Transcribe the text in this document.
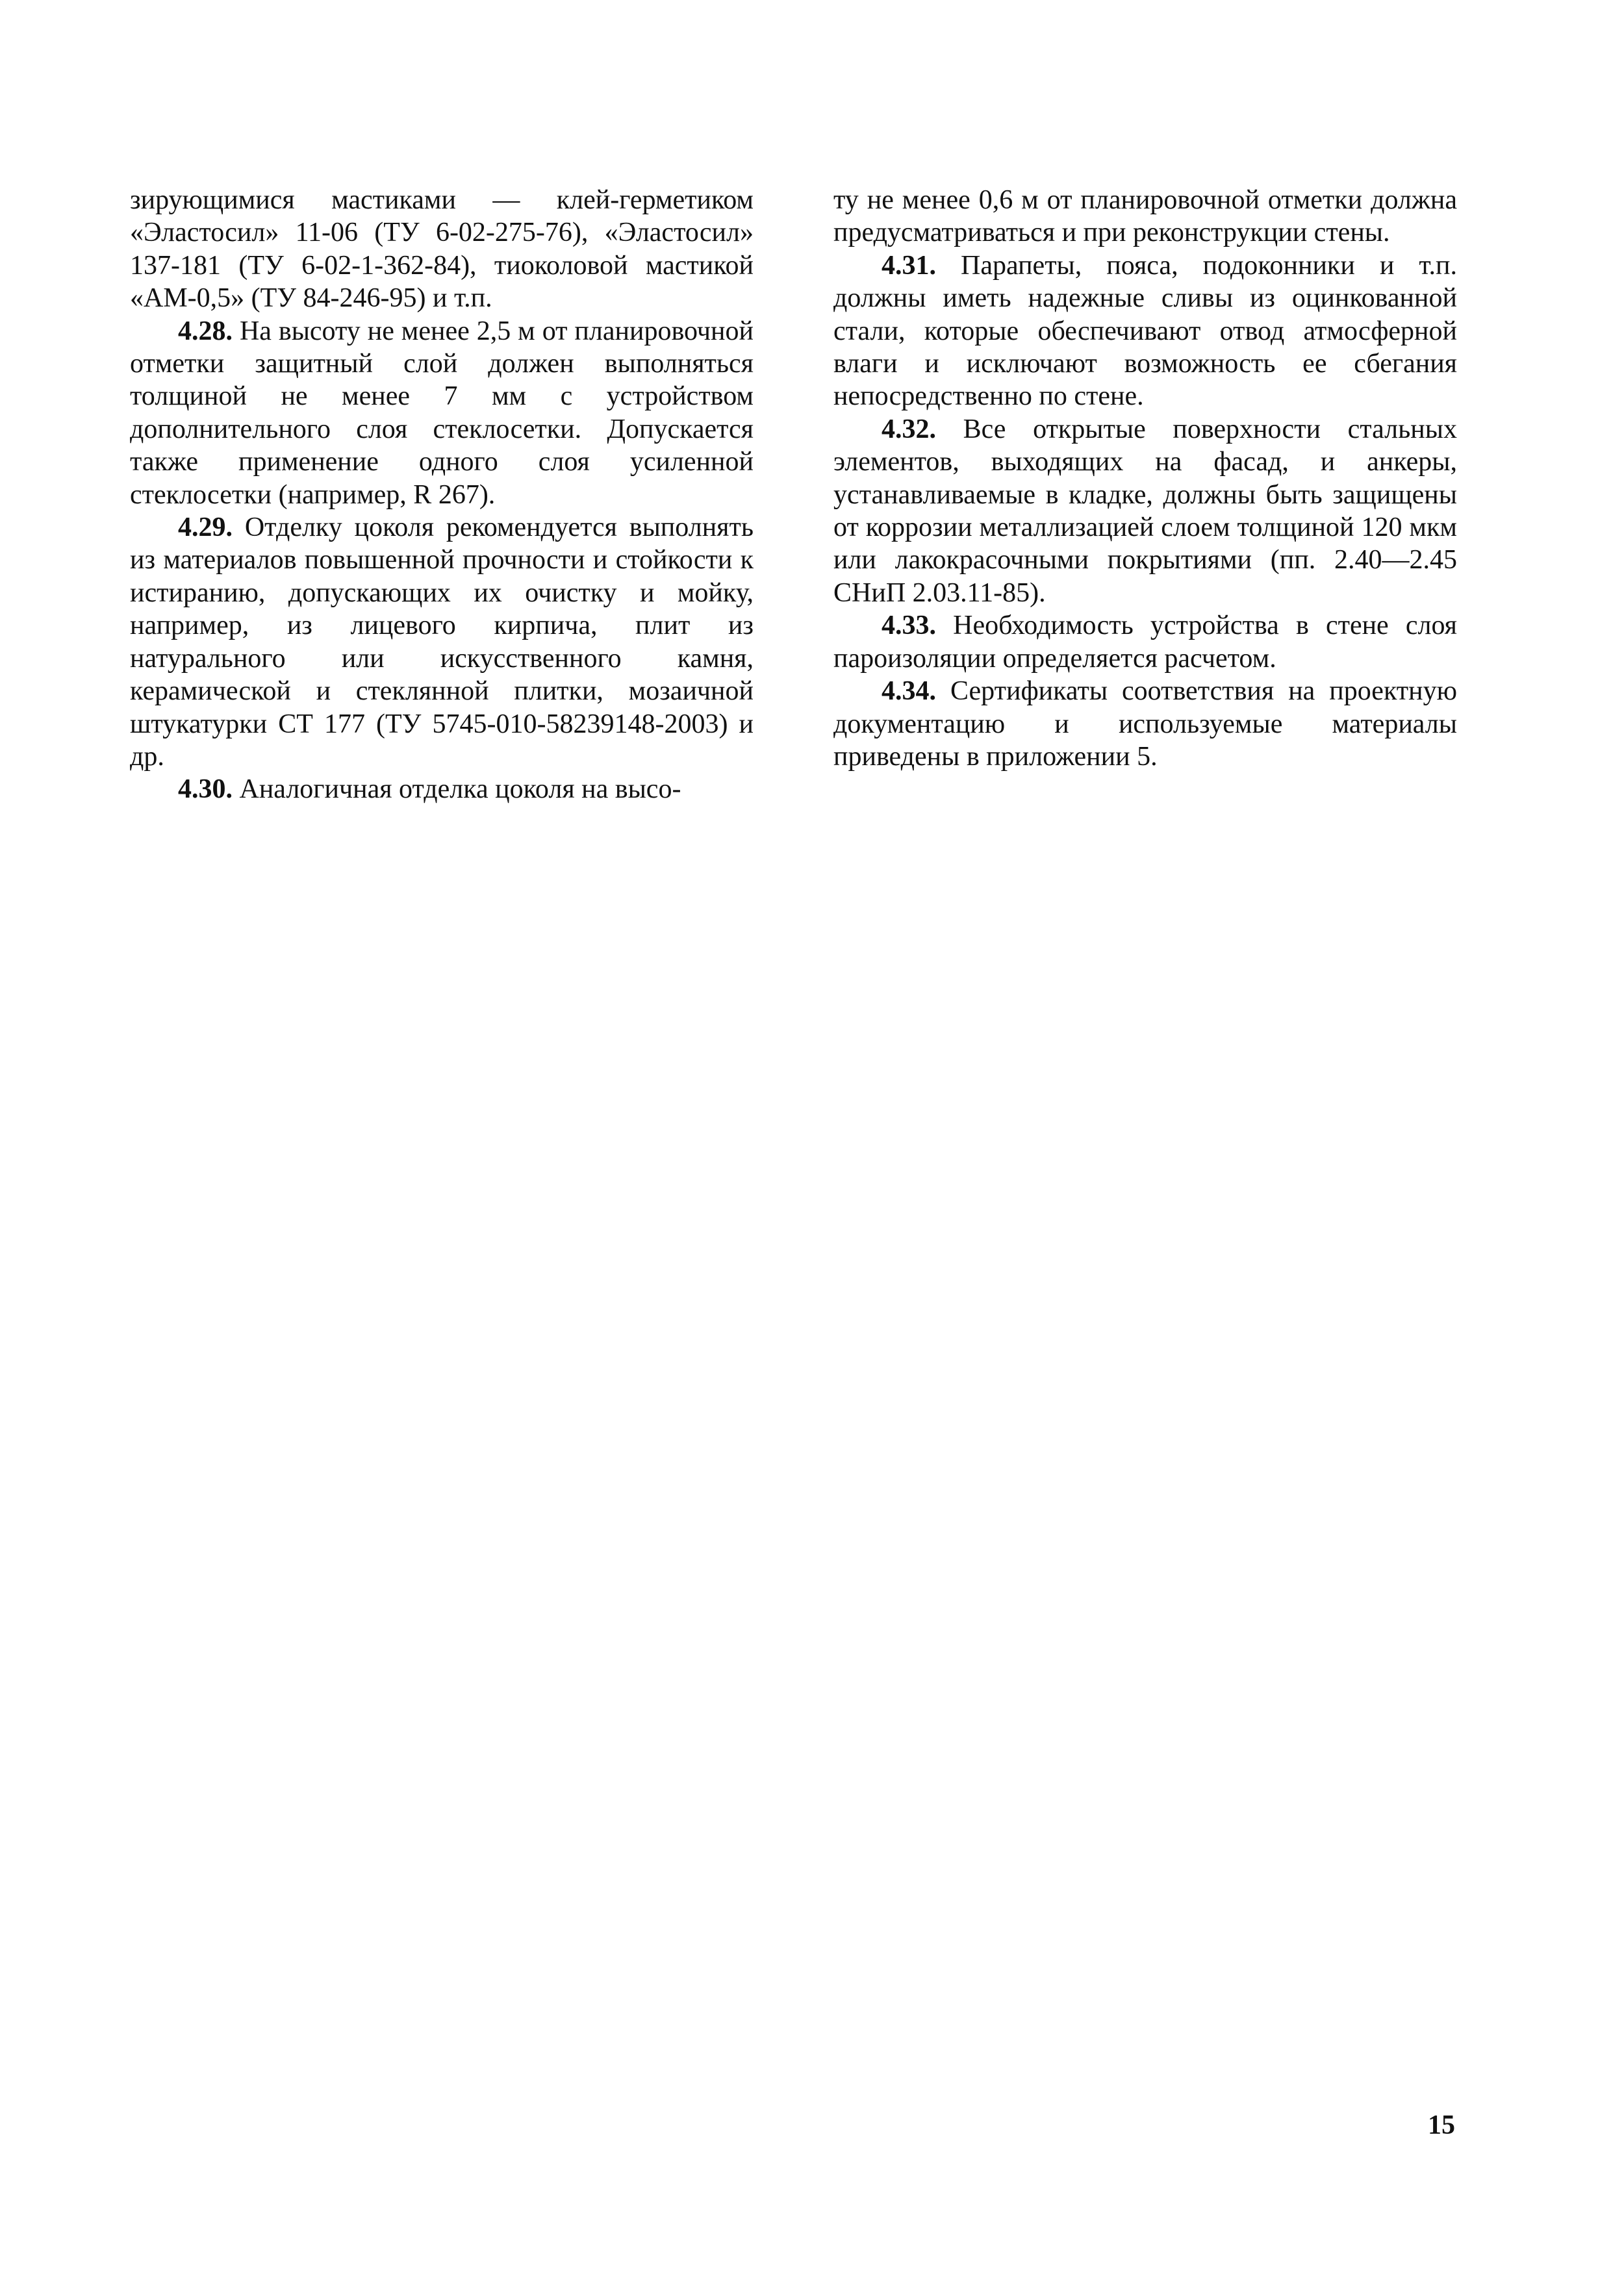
зирующимися мастиками — клей-герметиком «Эластосил» 11-06 (ТУ 6-02-275-76), «Эластосил» 137-181 (ТУ 6-02-1-362-84), тиоколовой мастикой «АМ-0,5» (ТУ 84-246-95) и т.п.

4.28. На высоту не менее 2,5 м от планировочной отметки защитный слой должен выполняться толщиной не менее 7 мм с устройством дополнительного слоя стеклосетки. Допускается также применение одного слоя усиленной стеклосетки (например, R 267).

4.29. Отделку цоколя рекомендуется выполнять из материалов повышенной прочности и стойкости к истиранию, допускающих их очистку и мойку, например, из лицевого кирпича, плит из натурального или искусственного камня, керамической и стеклянной плитки, мозаичной штукатурки СТ 177 (ТУ 5745-010-58239148-2003) и др.

4.30. Аналогичная отделка цоколя на высо-

ту не менее 0,6 м от планировочной отметки должна предусматриваться и при реконструкции стены.

4.31. Парапеты, пояса, подоконники и т.п. должны иметь надежные сливы из оцинкованной стали, которые обеспечивают отвод атмосферной влаги и исключают возможность ее сбегания непосредственно по стене.

4.32. Все открытые поверхности стальных элементов, выходящих на фасад, и анкеры, устанавливаемые в кладке, должны быть защищены от коррозии металлизацией слоем толщиной 120 мкм или лакокрасочными покрытиями (пп. 2.40—2.45 СНиП 2.03.11-85).

4.33. Необходимость устройства в стене слоя пароизоляции определяется расчетом.

4.34. Сертификаты соответствия на проектную документацию и используемые материалы приведены в приложении 5.

15
